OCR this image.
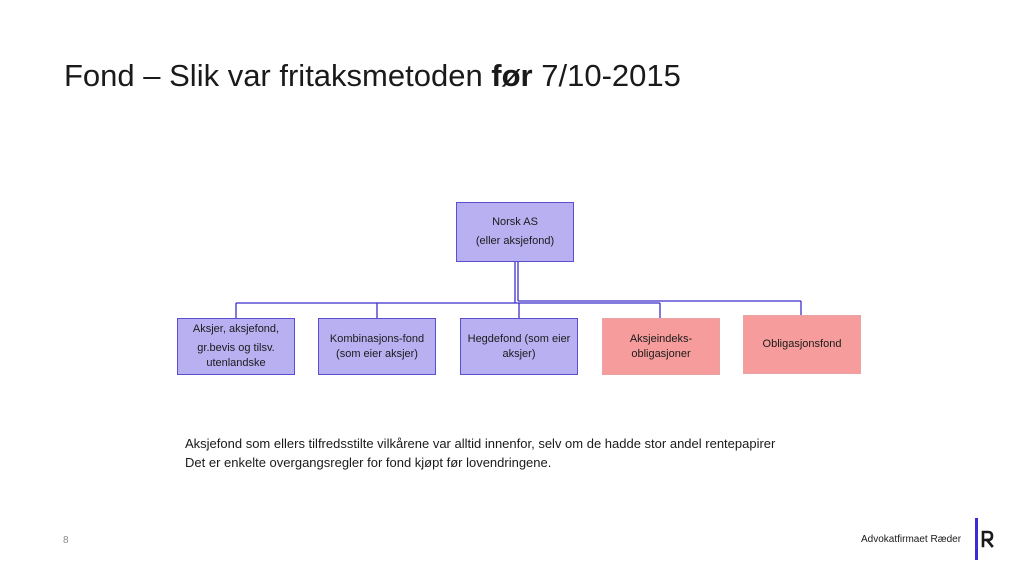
Fond – Slik var fritaksmetoden før 7/10-2015
Norsk AS
(eller aksjefond)
Aksjer, aksjefond,
gr.bevis og tilsv.
utenlandske
Kombinasjons-fond
(som eier aksjer)
Hegdefond (som eier
aksjer)
Aksjeindeks-
obligasjoner
Obligasjonsfond
Aksjefond som ellers tilfredsstilte vilkårene var alltid innenfor, selv om de hadde stor andel rentepapirer
Det er enkelte overgangsregler for fond kjøpt før lovendringene.
8	Advokatfirmaet Ræder
